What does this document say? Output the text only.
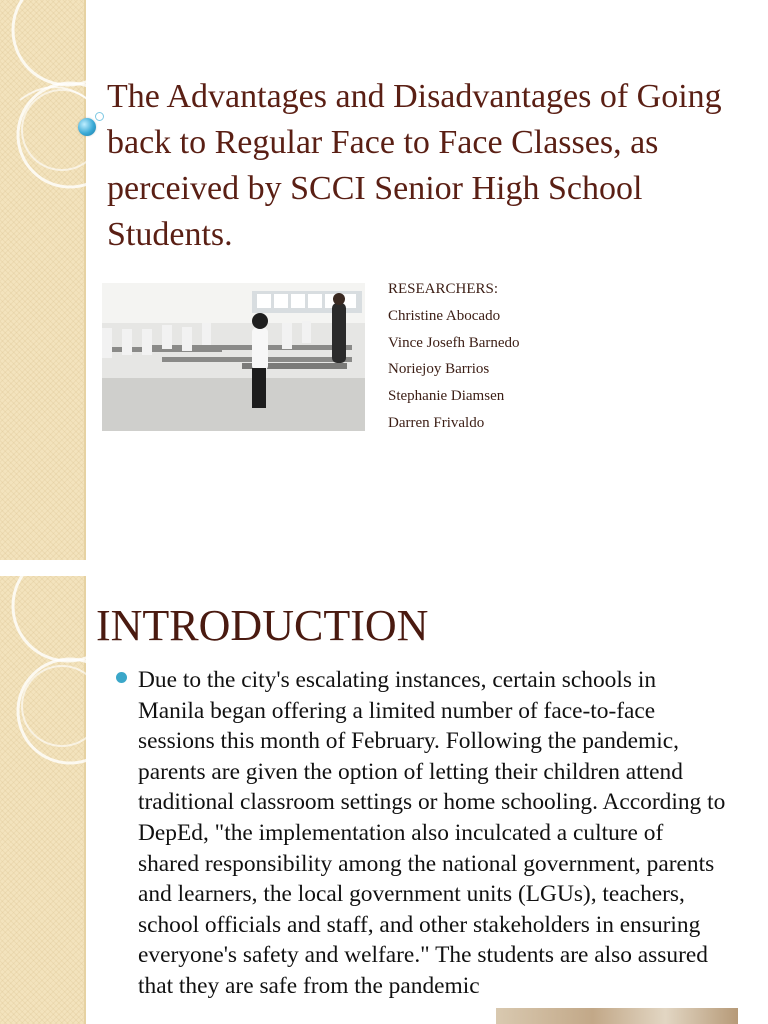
The Advantages and Disadvantages of Going back to Regular Face to Face Classes, as perceived by SCCI Senior High School Students.
RESEARCHERS:
Christine Abocado
Vince Josefh Barnedo
Noriejoy Barrios
Stephanie Diamsen
Darren Frivaldo
INTRODUCTION

Due to the city's escalating instances, certain schools in Manila began offering a limited number of face-to-face sessions this month of February. Following the pandemic, parents are given the option of letting their children attend traditional classroom settings or home schooling. According to DepEd, "the implementation also inculcated a culture of shared responsibility among the national government, parents and learners, the local government units (LGUs), teachers, school officials and staff, and other stakeholders in ensuring everyone's safety and welfare." The students are also assured that they are safe from the pandemic
